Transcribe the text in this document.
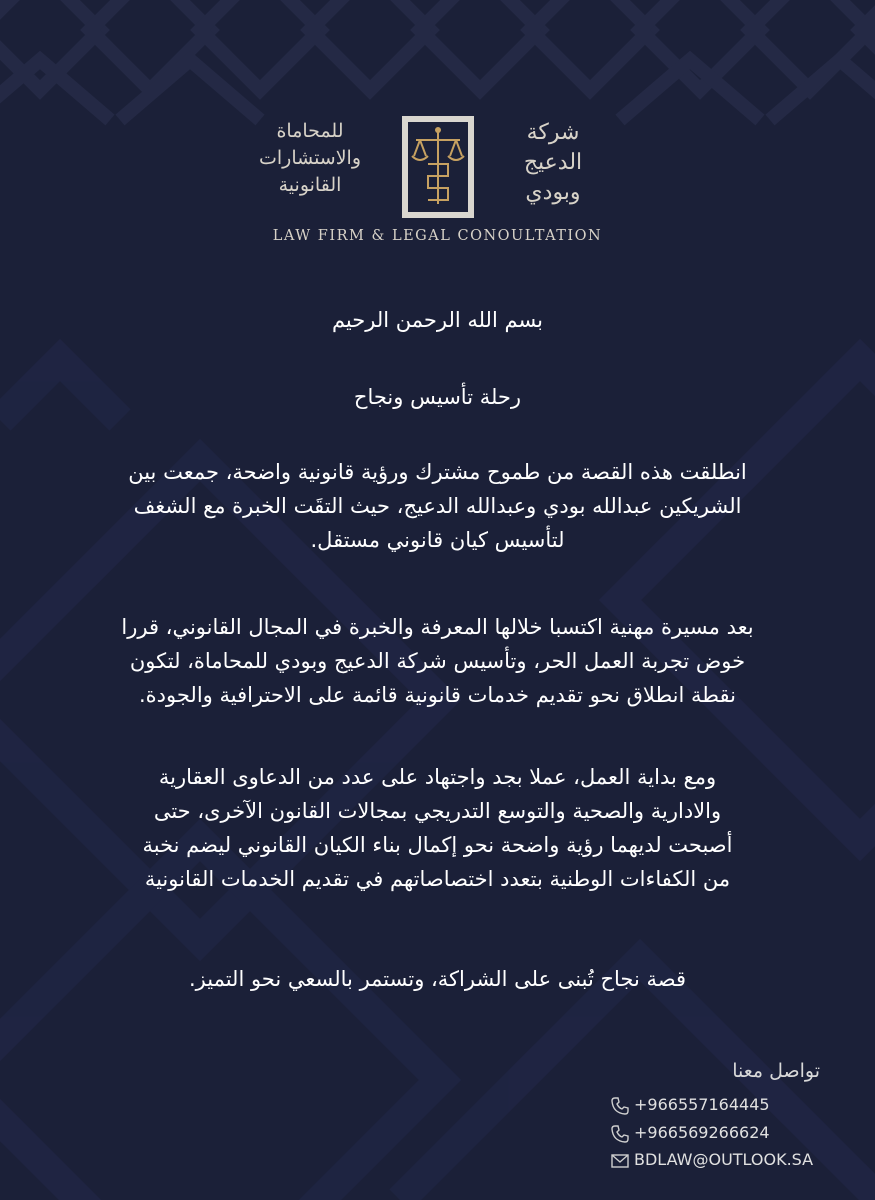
للمحاماة
والاستشارات
القانونية
شركة
الدعيج
وبودي
LAW FIRM & LEGAL CONOULTATION
بسم الله الرحمن الرحيم
رحلة تأسيس ونجاح
انطلقت هذه القصة من طموح مشترك ورؤية قانونية واضحة، جمعت بين
الشريكين عبدالله بودي وعبدالله الدعيج، حيث التقَت الخبرة مع الشغف
لتأسيس كيان قانوني مستقل.
بعد مسيرة مهنية اكتسبا خلالها المعرفة والخبرة في المجال القانوني، قررا
خوض تجربة العمل الحر، وتأسيس شركة الدعيج وبودي للمحاماة، لتكون
نقطة انطلاق نحو تقديم خدمات قانونية قائمة على الاحترافية والجودة.
ومع بداية العمل، عملا بجد واجتهاد على عدد من الدعاوى العقارية
والادارية والصحية والتوسع التدريجي بمجالات القانون الآخرى، حتى
أصبحت لديهما رؤية واضحة نحو إكمال بناء الكيان القانوني ليضم نخبة
من الكفاءات الوطنية بتعدد اختصاصاتهم في تقديم الخدمات القانونية
قصة نجاح تُبنى على الشراكة، وتستمر بالسعي نحو التميز.
تواصل معنا
+966557164445
+966569266624
BDLAW@OUTLOOK.SA
